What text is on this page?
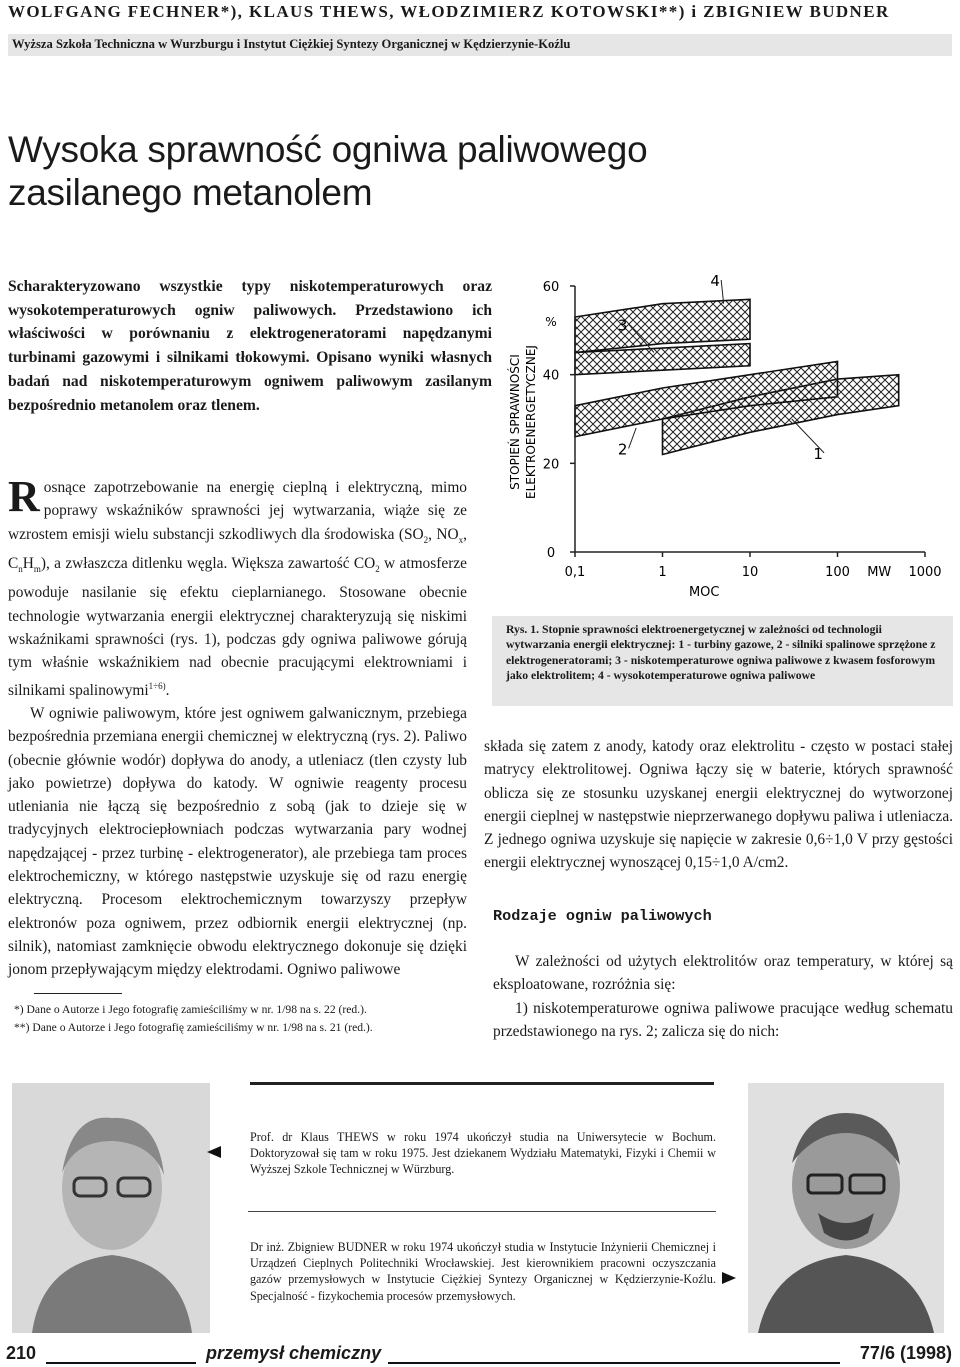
WOLFGANG FECHNER*), KLAUS THEWS, WŁODZIMIERZ KOTOWSKI**) i ZBIGNIEW BUDNER
Wyższa Szkoła Techniczna w Wurzburgu i Instytut Ciężkiej Syntezy Organicznej w Kędzierzynie-Koźlu
Wysoka sprawność ogniwa paliwowego
zasilanego metanolem
Scharakteryzowano wszystkie typy niskotemperaturowych oraz wysokotemperaturowych ogniw paliwowych. Przedstawiono ich właściwości w porównaniu z elektrogeneratorami napędzanymi turbinami gazowymi i silnikami tłokowymi. Opisano wyniki własnych badań nad niskotemperaturowym ogniwem paliwowym zasilanym bezpośrednio metanolem oraz tlenem.

Rosnące zapotrzebowanie na energię cieplną i elektryczną, mimo poprawy wskaźników sprawności jej wytwarzania, wiąże się ze wzrostem emisji wielu substancji szkodliwych dla środowiska ($SO_2$, $NO_x$, $C_nH_m$), a zwłaszcza ditlenku węgla. Większa zawartość $CO_2$ w atmosferze powoduje nasilanie się efektu cieplarnianego. Stosowane obecnie technologie wytwarzania energii elektrycznej charakteryzują się niskimi wskaźnikami sprawności (rys. 1), podczas gdy ogniwa paliwowe górują tym właśnie wskaźnikiem nad obecnie pracującymi elektrowniami i silnikami spalinowymi$^{1\div 6)}$.

W ogniwie paliwowym, które jest ogniwem galwanicznym, przebiega bezpośrednia przemiana energii chemicznej w elektryczną (rys. 2). Paliwo (obecnie głównie wodór) dopływa do anody, a utleniacz (tlen czysty lub jako powietrze) dopływa do katody. W ogniwie reagenty procesu utleniania nie łączą się bezpośrednio z sobą (jak to dzieje się w tradycyjnych elektrociepłowniach podczas wytwarzania pary wodnej napędzającej - przez turbinę - elektrogenerator), ale przebiega tam proces elektrochemiczny, w którego następstwie uzyskuje się od razu energię elektryczną. Procesom elektrochemicznym towarzyszy przepływ elektronów poza ogniwem, przez odbiornik energii elektrycznej (np. silnik), natomiast zamknięcie obwodu elektrycznego dokonuje się dzięki jonom przepływającym między elektrodami. Ogniwo paliwowe

*) Dane o Autorze i Jego fotografię zamieściliśmy w nr. 1/98 na s. 22 (red.).
**) Dane o Autorze i Jego fotografię zamieściliśmy w nr. 1/98 na s. 21 (red.).
60
40
20
0
%
0,1	1	10	100	1000
MW
MOC
STOPIEŃ SPRAWNOŚCI ELEKTROENERGETYCZNEJ	1
2
3
4
Rys. 1. Stopnie sprawności elektroenergetycznej w zależności od technologii wytwarzania energii elektrycznej: 1 - turbiny gazowe, 2 - silniki spalinowe sprzężone z elektrogeneratorami; 3 - niskotemperaturowe ogniwa paliwowe z kwasem fosforowym jako elektrolitem; 4 - wysokotemperaturowe ogniwa paliwowe

składa się zatem z anody, katody oraz elektrolitu - często w postaci stałej matrycy elektrolitowej. Ogniwa łączy się w baterie, których sprawność oblicza się ze stosunku uzyskanej energii elektrycznej do wytworzonej energii cieplnej w następstwie nieprzerwanego dopływu paliwa i utleniacza. Z jednego ogniwa uzyskuje się napięcie w zakresie 0,6÷1,0 V przy gęstości energii elektrycznej wynoszącej 0,15÷1,0 A/cm2.

Rodzaje ogniw paliwowych

W zależności od użytych elektrolitów oraz temperatury, w której są eksploatowane, rozróżnia się:

1) niskotemperaturowe ogniwa paliwowe pracujące według schematu przedstawionego na rys. 2; zalicza się do nich:

Prof. dr Klaus THEWS w roku 1974 ukończył studia na Uniwersytecie w Bochum. Doktoryzował się tam w roku 1975. Jest dziekanem Wydziału Matematyki, Fizyki i Chemii w Wyższej Szkole Technicznej w Würzburg.
Dr inż. Zbigniew BUDNER w roku 1974 ukończył studia w Instytucie Inżynierii Chemicznej i Urządzeń Cieplnych Politechniki Wrocławskiej. Jest kierownikiem pracowni oczyszczania gazów przemysłowych w Instytucie Ciężkiej Syntezy Organicznej w Kędzierzynie-Koźlu. Specjalność - fizykochemia procesów przemysłowych.
210	przemysł chemiczny	77/6 (1998)
